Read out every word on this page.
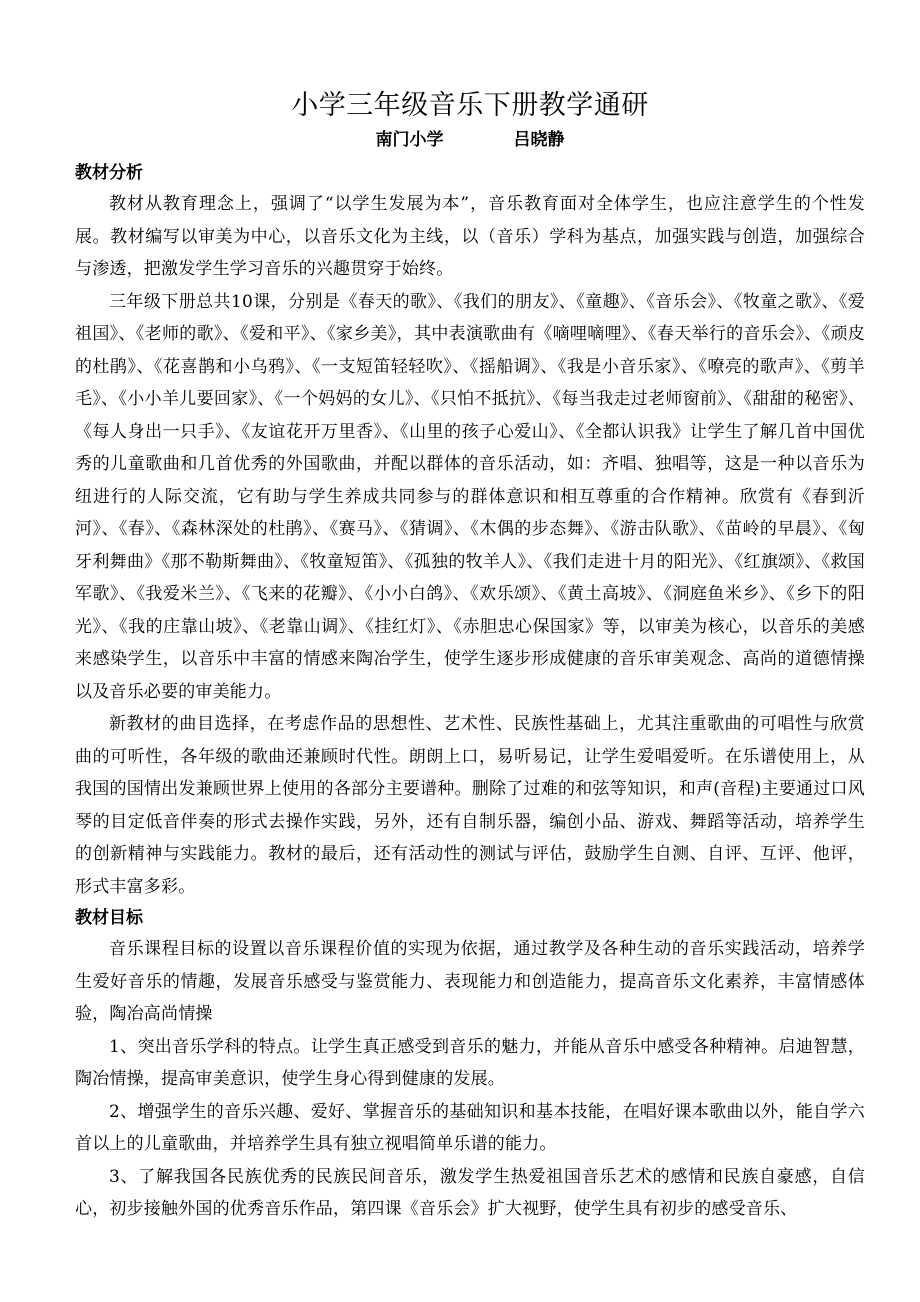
小学三年级音乐下册教学通研

南门小学	吕晓静

教材分析

教材从教育理念上，强调了“以学生发展为本”，音乐教育面对全体学生，也应注意学生的个性发展。教材编写以审美为中心，以音乐文化为主线，以（音乐）学科为基点，加强实践与创造，加强综合与渗透，把激发学生学习音乐的兴趣贯穿于始终。

三年级下册总共10课，分别是《春天的歌》、《我们的朋友》、《童趣》、《音乐会》、《牧童之歌》、《爱祖国》、《老师的歌》、《爱和平》、《家乡美》，其中表演歌曲有《嘀哩嘀哩》、《春天举行的音乐会》、《顽皮的杜鹃》、《花喜鹊和小乌鸦》、《一支短笛轻轻吹》、《摇船调》、《我是小音乐家》、《嘹亮的歌声》、《剪羊毛》、《小小羊儿要回家》、《一个妈妈的女儿》、《只怕不抵抗》、《每当我走过老师窗前》、《甜甜的秘密》、《每人身出一只手》、《友谊花开万里香》、《山里的孩子心爱山》、《全都认识我》让学生了解几首中国优秀的儿童歌曲和几首优秀的外国歌曲，并配以群体的音乐活动，如：齐唱、独唱等，这是一种以音乐为纽进行的人际交流，它有助与学生养成共同参与的群体意识和相互尊重的合作精神。欣赏有《春到沂河》、《春》、《森林深处的杜鹃》、《赛马》、《猜调》、《木偶的步态舞》、《游击队歌》、《苗岭的早晨》、《匈牙利舞曲》《那不勒斯舞曲》、《牧童短笛》、《孤独的牧羊人》、《我们走进十月的阳光》、《红旗颂》、《救国军歌》、《我爱米兰》、《飞来的花瓣》、《小小白鸽》、《欢乐颂》、《黄土高坡》、《洞庭鱼米乡》、《乡下的阳光》、《我的庄靠山坡》、《老靠山调》、《挂红灯》、《赤胆忠心保国家》等，以审美为核心，以音乐的美感来感染学生，以音乐中丰富的情感来陶冶学生，使学生逐步形成健康的音乐审美观念、高尚的道德情操以及音乐必要的审美能力。

新教材的曲目选择，在考虑作品的思想性、艺术性、民族性基础上，尤其注重歌曲的可唱性与欣赏曲的可听性，各年级的歌曲还兼顾时代性。朗朗上口，易听易记，让学生爱唱爱听。在乐谱使用上，从我国的国情出发兼顾世界上使用的各部分主要谱种。删除了过难的和弦等知识，和声(音程)主要通过口风琴的目定低音伴奏的形式去操作实践，另外，还有自制乐器，编创小品、游戏、舞蹈等活动，培养学生的创新精神与实践能力。教材的最后，还有活动性的测试与评估，鼓励学生自测、自评、互评、他评，形式丰富多彩。

教材目标

音乐课程目标的设置以音乐课程价值的实现为依据，通过教学及各种生动的音乐实践活动，培养学生爱好音乐的情趣，发展音乐感受与鉴赏能力、表现能力和创造能力，提高音乐文化素养，丰富情感体验，陶冶高尚情操

1、突出音乐学科的特点。让学生真正感受到音乐的魅力，并能从音乐中感受各种精神。启迪智慧，陶冶情操，提高审美意识，使学生身心得到健康的发展。

2、增强学生的音乐兴趣、爱好、掌握音乐的基础知识和基本技能，在唱好课本歌曲以外，能自学六首以上的儿童歌曲，并培养学生具有独立视唱简单乐谱的能力。

3、了解我国各民族优秀的民族民间音乐，激发学生热爱祖国音乐艺术的感情和民族自豪感，自信心，初步接触外国的优秀音乐作品，第四课《音乐会》扩大视野，使学生具有初步的感受音乐、
